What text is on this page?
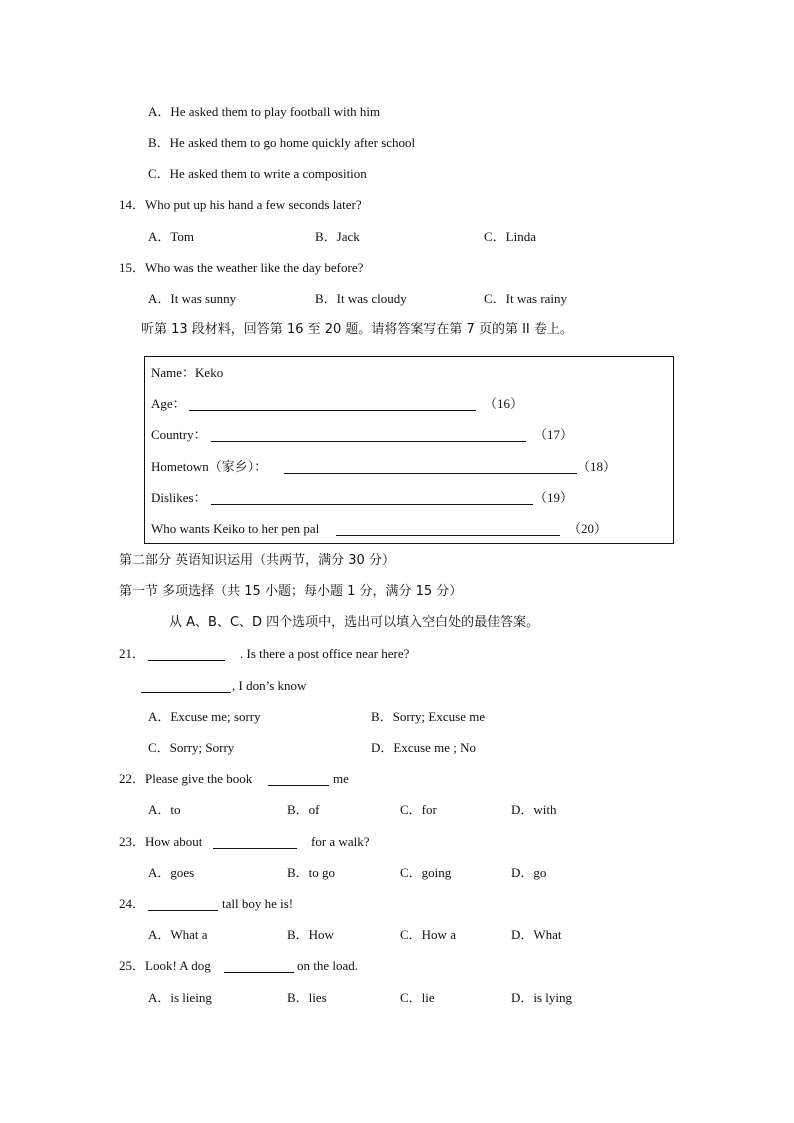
A．He asked them to play football with him
B．He asked them to go home quickly after school
C．He asked them to write a composition
14．Who put up his hand a few seconds later?
A．Tom	B．Jack	C．Linda
15．Who was the weather like the day before?
A．It was sunny	B．It was cloudy	C．It was rainy
听第 13 段材料，回答第 16 至 20 题。请将答案写在第 7 页的第 II 卷上。
Name：Keko
Age：	（16）
Country：	（17）
Hometown（家乡）：	（18）
Dislikes：	（19）
Who wants Keiko to her pen pal	（20）
第二部分 英语知识运用（共两节，满分 30 分）
第一节 多项选择（共 15 小题；每小题 1 分，满分 15 分）
从 A、B、C、D 四个选项中，选出可以填入空白处的最佳答案。
21．	. Is there a post office near here?
, I don’s know
A．Excuse me; sorry	B．Sorry; Excuse me
C．Sorry; Sorry	D．Excuse me ; No
22．Please give the book	me
A．to	B．of	C．for	D．with
23．How about	for a walk?
A．goes	B．to go	C．going	D．go
24．	tall boy he is!
A．What a	B．How	C．How a	D．What
25．Look! A dog	on the load.
A．is lieing	B．lies	C．lie	D．is lying
